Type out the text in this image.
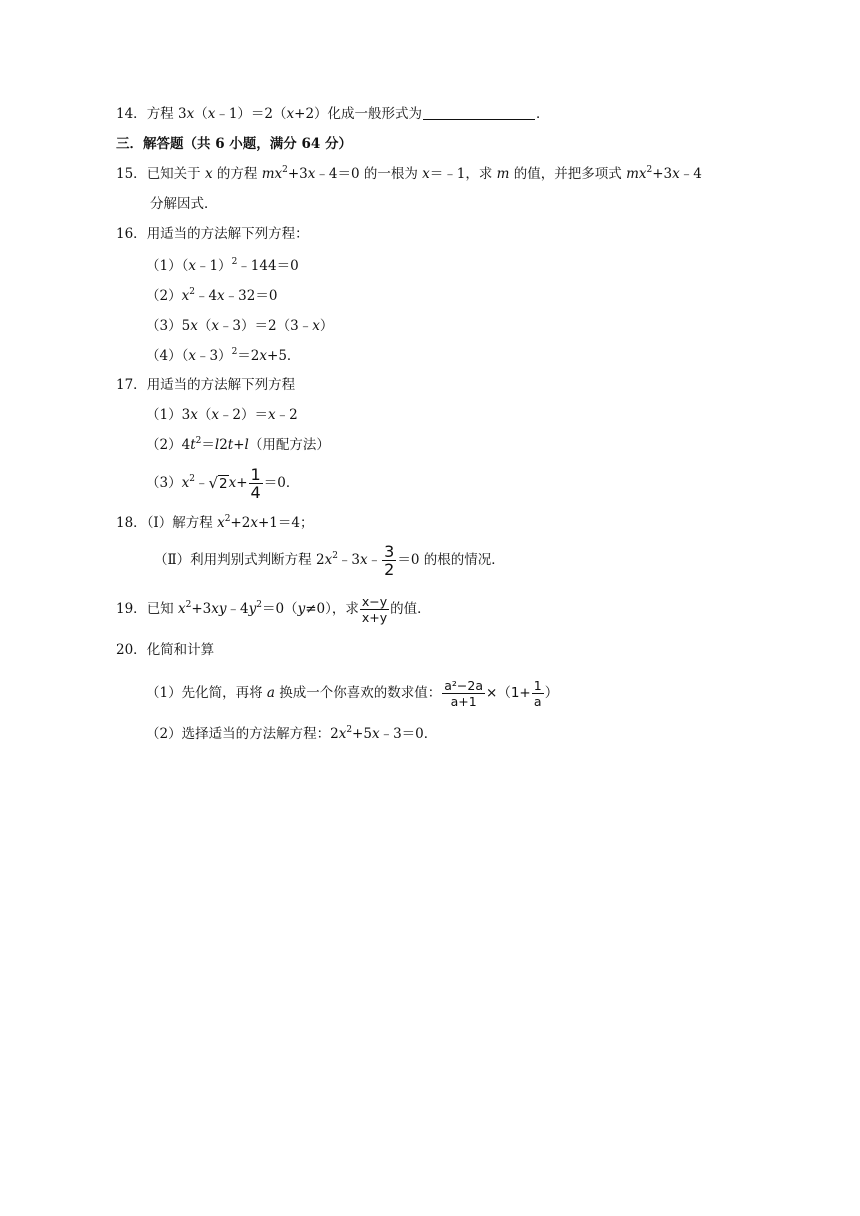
14．方程 3x（x﹣1）＝2（x+2）化成一般形式为	．
三．解答题（共 6 小题，满分 64 分）
15．已知关于 x 的方程 $mx^2+3x﹣4=0$ 的一根为 x＝﹣1，求 m 的值，并把多项式 $mx^2+3x﹣4$
分解因式．
16．用适当的方法解下列方程：
（1）（x﹣1）$^2$﹣144＝0
$(2)x^2﹣4x﹣32=0$
（3）5x（x﹣3）＝2（3﹣x）
（4）（x﹣3）$^2$＝2x+5．
17．用适当的方法解下列方程
（1）3x（x﹣2）＝x﹣2
$(2)4t^2=l2t+l$（用配方法）
$(3)x^2﹣√2x+ \frac{1}{4} =0$．
18．（Ⅰ）解方程 $x^2+2x+1=4$；
（Ⅱ）利用判别式判断方程 $2x^2﹣3x﹣ \frac{3}{2} =0$ 的根的情况．
19．已知 $x^2+3xy﹣4y^2=0(y\ne 0)$，求 $\frac{x-y}{x+y}$ 的值．
20．化简和计算
（1）先化简，再将 a 换成一个你喜欢的数求值： $\frac{\text{a²−2a}}{a+1} \times(1+ \frac{1}{a}$ ）
（2）选择适当的方法解方程：$2x^2+5x﹣3=0$．
